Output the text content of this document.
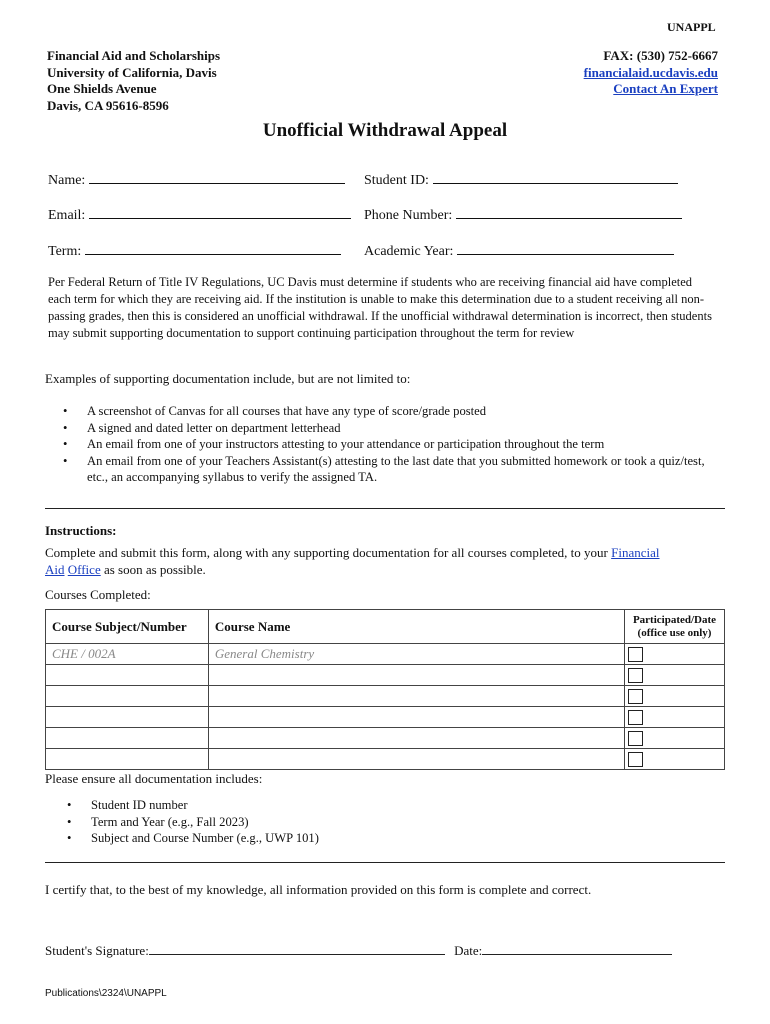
UNAPPL
Financial Aid and Scholarships
University of California, Davis
One Shields Avenue
Davis, CA 95616-8596
FAX: (530) 752-6667
financialaid.ucdavis.edu
Contact An Expert
Unofficial Withdrawal Appeal
Name:	Student ID:
Email:	Phone Number:
Term:	Academic Year:
Per Federal Return of Title IV Regulations, UC Davis must determine if students who are receiving financial aid have completed each term for which they are receiving aid. If the institution is unable to make this determination due to a student receiving all non-passing grades, then this is considered an unofficial withdrawal. If the unofficial withdrawal determination is incorrect, then students may submit supporting documentation to support continuing participation throughout the term for review
Examples of supporting documentation include, but are not limited to:
• A screenshot of Canvas for all courses that have any type of score/grade posted
• A signed and dated letter on department letterhead
• An email from one of your instructors attesting to your attendance or participation throughout the term
• An email from one of your Teachers Assistant(s) attesting to the last date that you submitted homework or took a quiz/test, etc., an accompanying syllabus to verify the assigned TA.
Instructions:
Complete and submit this form, along with any supporting documentation for all courses completed, to your Financial
Aid Office as soon as possible.
Courses Completed:
Course Subject/Number	Course Name	Participated/Date
(office use only)

CHE / 002A	General Chemistry	

Please ensure all documentation includes:
• Student ID number
• Term and Year (e.g., Fall 2023)
• Subject and Course Number (e.g., UWP 101)
I certify that, to the best of my knowledge, all information provided on this form is complete and correct.
Student's Signature:	Date:
Publications\2324\UNAPPL
